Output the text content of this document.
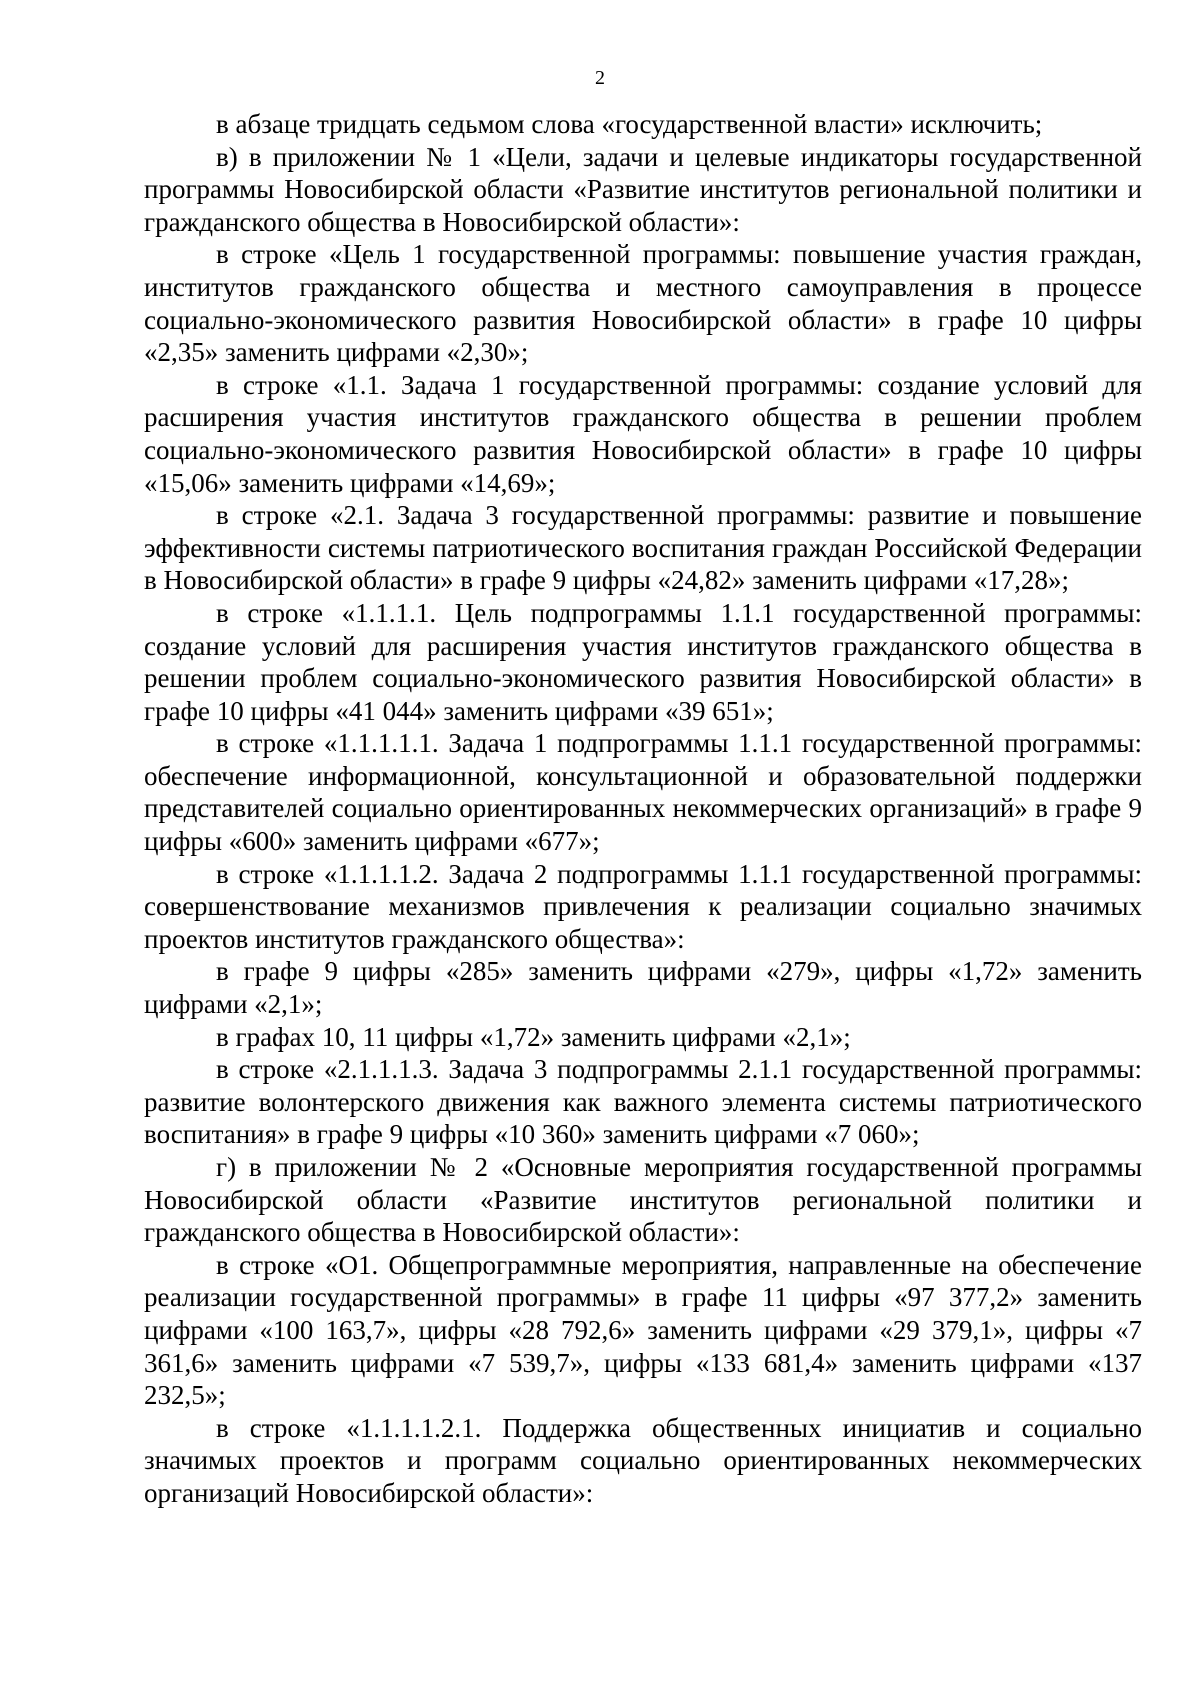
2

в абзаце тридцать седьмом слова «государственной власти» исключить;

в) в приложении № 1 «Цели, задачи и целевые индикаторы государственной программы Новосибирской области «Развитие институтов региональной политики и гражданского общества в Новосибирской области»:

в строке «Цель 1 государственной программы: повышение участия граждан, институтов гражданского общества и местного самоуправления в процессе социально-экономического развития Новосибирской области» в графе 10 цифры «2,35» заменить цифрами «2,30»;

в строке «1.1. Задача 1 государственной программы: создание условий для расширения участия институтов гражданского общества в решении проблем социально-экономического развития Новосибирской области» в графе 10 цифры «15,06» заменить цифрами «14,69»;

в строке «2.1. Задача 3 государственной программы: развитие и повышение эффективности системы патриотического воспитания граждан Российской Федерации в Новосибирской области» в графе 9 цифры «24,82» заменить цифрами «17,28»;

в строке «1.1.1.1. Цель подпрограммы 1.1.1 государственной программы: создание условий для расширения участия институтов гражданского общества в решении проблем социально-экономического развития Новосибирской области» в графе 10 цифры «41 044» заменить цифрами «39 651»;

в строке «1.1.1.1.1. Задача 1 подпрограммы 1.1.1 государственной программы: обеспечение информационной, консультационной и образовательной поддержки представителей социально ориентированных некоммерческих организаций» в графе 9 цифры «600» заменить цифрами «677»;

в строке «1.1.1.1.2. Задача 2 подпрограммы 1.1.1 государственной программы: совершенствование механизмов привлечения к реализации социально значимых проектов институтов гражданского общества»:

в графе 9 цифры «285» заменить цифрами «279», цифры «1,72» заменить цифрами «2,1»;

в графах 10, 11 цифры «1,72» заменить цифрами «2,1»;

в строке «2.1.1.1.3. Задача 3 подпрограммы 2.1.1 государственной программы: развитие волонтерского движения как важного элемента системы патриотического воспитания» в графе 9 цифры «10 360» заменить цифрами «7 060»;

г) в приложении № 2 «Основные мероприятия государственной программы Новосибирской области «Развитие институтов региональной политики и гражданского общества в Новосибирской области»:

в строке «О1. Общепрограммные мероприятия, направленные на обеспечение реализации государственной программы» в графе 11 цифры «97 377,2» заменить цифрами «100 163,7», цифры «28 792,6» заменить цифрами «29 379,1», цифры «7 361,6» заменить цифрами «7 539,7», цифры «133 681,4» заменить цифрами «137 232,5»;

в строке «1.1.1.1.2.1. Поддержка общественных инициатив и социально значимых проектов и программ социально ориентированных некоммерческих организаций Новосибирской области»:
